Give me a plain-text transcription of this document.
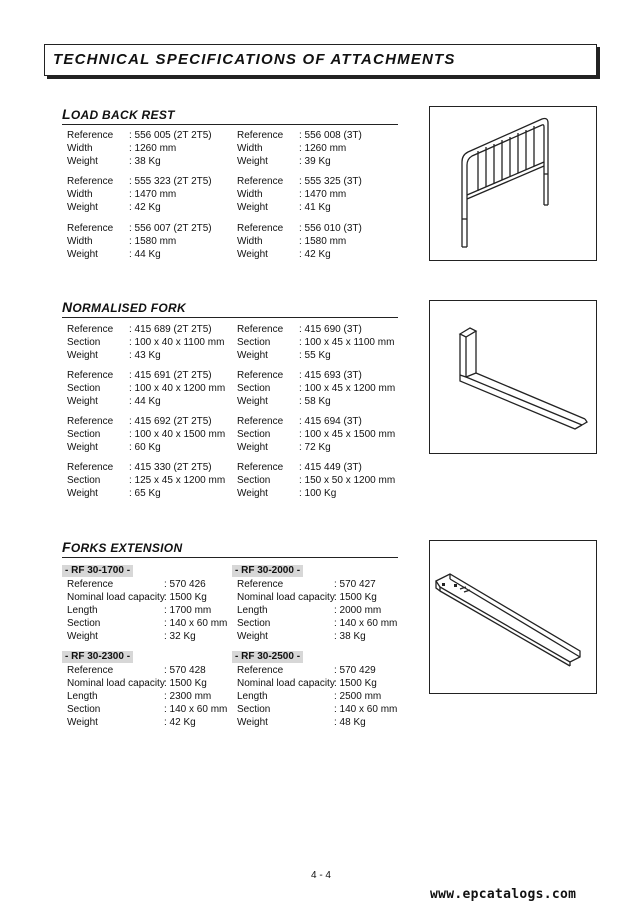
TECHNICAL SPECIFICATIONS OF ATTACHMENTS
LOAD BACK REST
Reference : 556 005 (2T 2T5)
Width	: 1260 mm
Weight	: 38 Kg
Reference : 556 008 (3T)
Width	: 1260 mm
Weight	: 39 Kg
Reference : 555 323 (2T 2T5)
Width	: 1470 mm
Weight	: 42 Kg
Reference : 555 325 (3T)
Width	: 1470 mm
Weight	: 41 Kg
Reference : 556 007 (2T 2T5)
Width	: 1580 mm
Weight	: 44 Kg
Reference : 556 010 (3T)
Width	: 1580 mm
Weight	: 42 Kg
NORMALISED FORK
Reference : 415 689 (2T 2T5)
Section	: 100 x 40 x 1100 mm
Weight	: 43 Kg
Reference : 415 690 (3T)
Section	: 100 x 45 x 1100 mm
Weight	: 55 Kg
Reference : 415 691 (2T 2T5)
Section	: 100 x 40 x 1200 mm
Weight	: 44 Kg
Reference : 415 693 (3T)
Section	: 100 x 45 x 1200 mm
Weight	: 58 Kg
Reference : 415 692 (2T 2T5)
Section	: 100 x 40 x 1500 mm
Weight	: 60 Kg
Reference : 415 694 (3T)
Section	: 100 x 45 x 1500 mm
Weight	: 72 Kg
Reference : 415 330 (2T 2T5)
Section	: 125 x 45 x 1200 mm
Weight	: 65 Kg
Reference : 415 449 (3T)
Section	: 150 x 50 x 1200 mm
Weight	: 100 Kg
FORKS EXTENSION
- RF 30-1700 -
Reference	: 570 426
Nominal load capacity: 1500 Kg
Length	: 1700 mm
Section	: 140 x 60 mm
Weight	: 32 Kg
- RF 30-2000 -
Reference	: 570 427
Nominal load capacity: 1500 Kg
Length	: 2000 mm
Section	: 140 x 60 mm
Weight	: 38 Kg
- RF 30-2300 -
Reference	: 570 428
Nominal load capacity: 1500 Kg
Length	: 2300 mm
Section	: 140 x 60 mm
Weight	: 42 Kg
- RF 30-2500 -
Reference	: 570 429
Nominal load capacity: 1500 Kg
Length	: 2500 mm
Section	: 140 x 60 mm
Weight	: 48 Kg
4 - 4
www.epcatalogs.com
